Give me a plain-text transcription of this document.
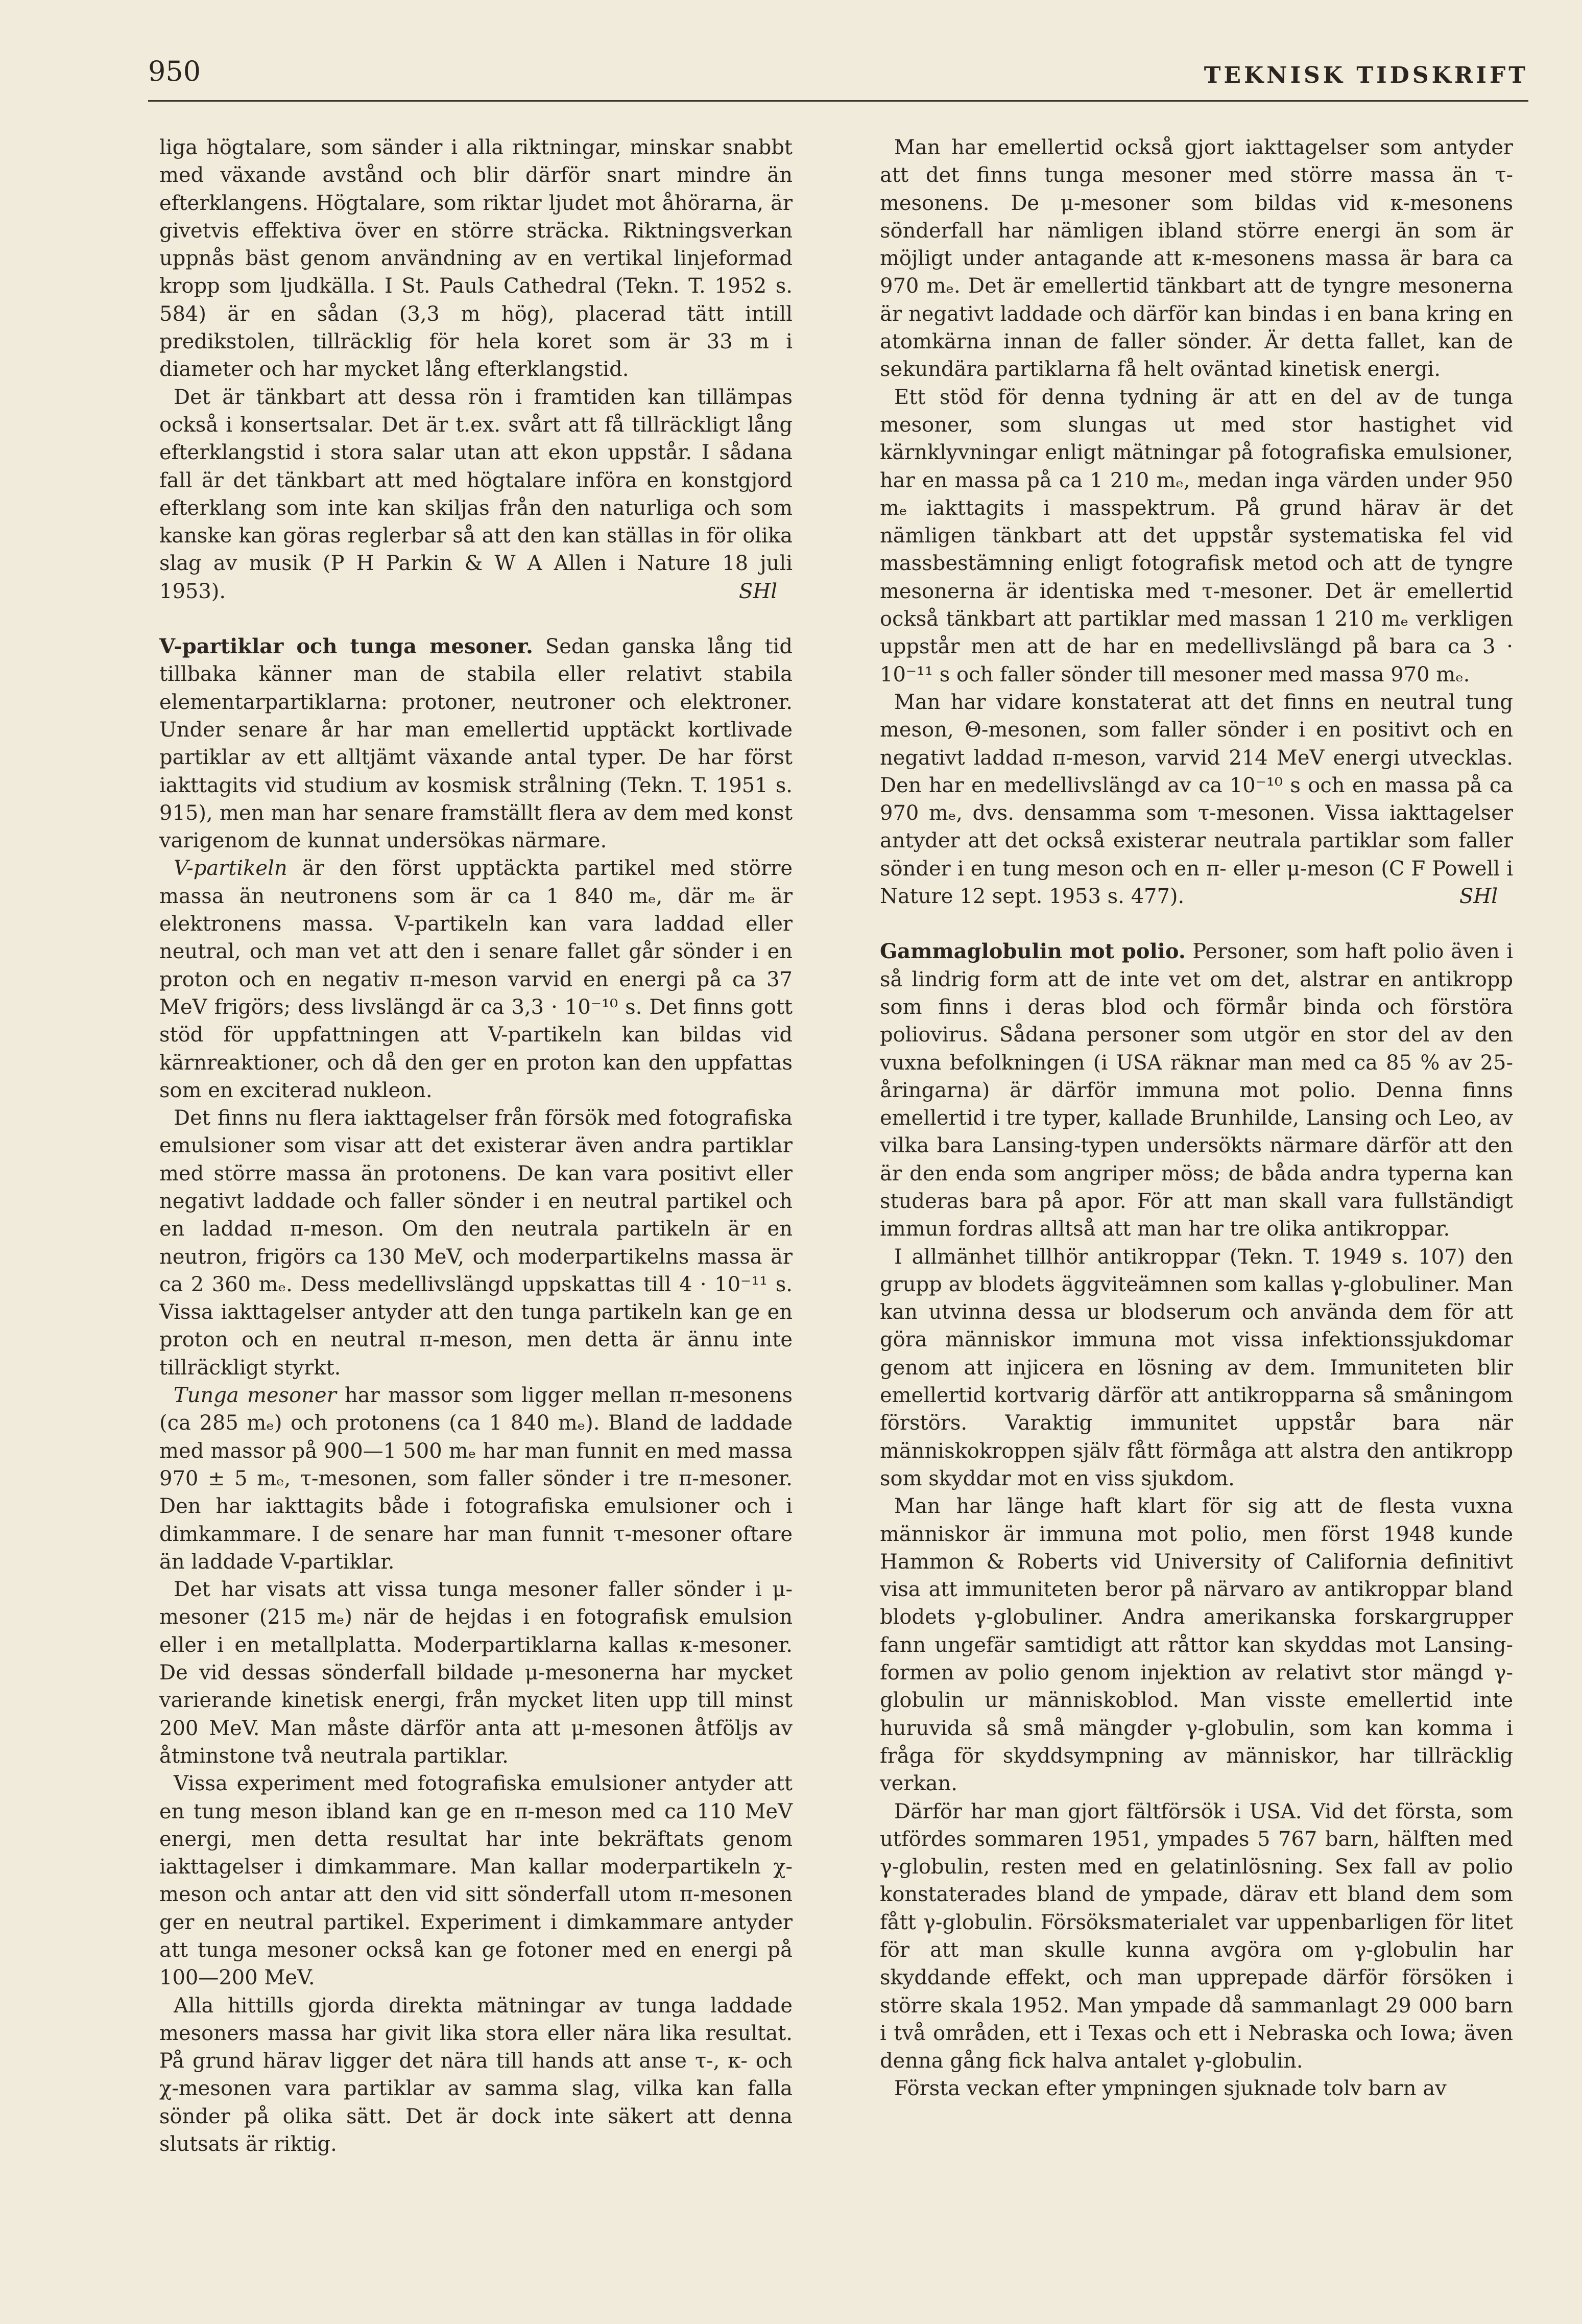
950	TEKNISK TIDSKRIFT

liga högtalare, som sänder i alla riktningar, minskar snabbt med växande avstånd och blir därför snart mindre än efterklangens. Högtalare, som riktar ljudet mot åhörarna, är givetvis effektiva över en större sträcka. Riktningsverkan uppnås bäst genom användning av en vertikal linjeformad kropp som ljudkälla. I St. Pauls Cathedral (Tekn. T. 1952 s. 584) är en sådan (3,3 m hög), placerad tätt intill predikstolen, tillräcklig för hela koret som är 33 m i diameter och har mycket lång efterklangstid.

Det är tänkbart att dessa rön i framtiden kan tillämpas också i konsertsalar. Det är t.ex. svårt att få tillräckligt lång efterklangstid i stora salar utan att ekon uppstår. I sådana fall är det tänkbart att med högtalare införa en konstgjord efterklang som inte kan skiljas från den naturliga och som kanske kan göras reglerbar så att den kan ställas in för olika slag av musik (P H Parkin & W A Allen i Nature 18 juli 1953).	SHl

V-partiklar och tunga mesoner. Sedan ganska lång tid tillbaka känner man de stabila eller relativt stabila elementarpartiklarna: protoner, neutroner och elektroner. Under senare år har man emellertid upptäckt kortlivade partiklar av ett alltjämt växande antal typer. De har först iakttagits vid studium av kosmisk strålning (Tekn. T. 1951 s. 915), men man har senare framställt flera av dem med konst varigenom de kunnat undersökas närmare.

V-partikeln är den först upptäckta partikel med större massa än neutronens som är ca 1 840 mₑ, där mₑ är elektronens massa. V-partikeln kan vara laddad eller neutral, och man vet att den i senare fallet går sönder i en proton och en negativ π-meson varvid en energi på ca 37 MeV frigörs; dess livslängd är ca 3,3 · 10⁻¹⁰ s. Det finns gott stöd för uppfattningen att V-partikeln kan bildas vid kärnreaktioner, och då den ger en proton kan den uppfattas som en exciterad nukleon.

Det finns nu flera iakttagelser från försök med fotografiska emulsioner som visar att det existerar även andra partiklar med större massa än protonens. De kan vara positivt eller negativt laddade och faller sönder i en neutral partikel och en laddad π-meson. Om den neutrala partikeln är en neutron, frigörs ca 130 MeV, och moderpartikelns massa är ca 2 360 mₑ. Dess medellivslängd uppskattas till 4 · 10⁻¹¹ s. Vissa iakttagelser antyder att den tunga partikeln kan ge en proton och en neutral π-meson, men detta är ännu inte tillräckligt styrkt.

Tunga mesoner har massor som ligger mellan π-mesonens (ca 285 mₑ) och protonens (ca 1 840 mₑ). Bland de laddade med massor på 900—1 500 mₑ har man funnit en med massa 970 ± 5 mₑ, τ-mesonen, som faller sönder i tre π-mesoner. Den har iakttagits både i fotografiska emulsioner och i dimkammare. I de senare har man funnit τ-mesoner oftare än laddade V-partiklar.

Det har visats att vissa tunga mesoner faller sönder i μ-mesoner (215 mₑ) när de hejdas i en fotografisk emulsion eller i en metallplatta. Moderpartiklarna kallas κ-mesoner. De vid dessas sönderfall bildade μ-mesonerna har mycket varierande kinetisk energi, från mycket liten upp till minst 200 MeV. Man måste därför anta att μ-mesonen åtföljs av åtminstone två neutrala partiklar.

Vissa experiment med fotografiska emulsioner antyder att en tung meson ibland kan ge en π-meson med ca 110 MeV energi, men detta resultat har inte bekräftats genom iakttagelser i dimkammare. Man kallar moderpartikeln χ-meson och antar att den vid sitt sönderfall utom π-mesonen ger en neutral partikel. Experiment i dimkammare antyder att tunga mesoner också kan ge fotoner med en energi på 100—200 MeV.

Alla hittills gjorda direkta mätningar av tunga laddade mesoners massa har givit lika stora eller nära lika resultat. På grund härav ligger det nära till hands att anse τ-, κ- och χ-mesonen vara partiklar av samma slag, vilka kan falla sönder på olika sätt. Det är dock inte säkert att denna slutsats är riktig.

Man har emellertid också gjort iakttagelser som antyder att det finns tunga mesoner med större massa än τ-mesonens. De μ-mesoner som bildas vid κ-mesonens sönderfall har nämligen ibland större energi än som är möjligt under antagande att κ-mesonens massa är bara ca 970 mₑ. Det är emellertid tänkbart att de tyngre mesonerna är negativt laddade och därför kan bindas i en bana kring en atomkärna innan de faller sönder. Är detta fallet, kan de sekundära partiklarna få helt oväntad kinetisk energi.

Ett stöd för denna tydning är att en del av de tunga mesoner, som slungas ut med stor hastighet vid kärnklyvningar enligt mätningar på fotografiska emulsioner, har en massa på ca 1 210 mₑ, medan inga värden under 950 mₑ iakttagits i masspektrum. På grund härav är det nämligen tänkbart att det uppstår systematiska fel vid massbestämning enligt fotografisk metod och att de tyngre mesonerna är identiska med τ-mesoner. Det är emellertid också tänkbart att partiklar med massan 1 210 mₑ verkligen uppstår men att de har en medellivslängd på bara ca 3 · 10⁻¹¹ s och faller sönder till mesoner med massa 970 mₑ.

Man har vidare konstaterat att det finns en neutral tung meson, Θ-mesonen, som faller sönder i en positivt och en negativt laddad π-meson, varvid 214 MeV energi utvecklas. Den har en medellivslängd av ca 10⁻¹⁰ s och en massa på ca 970 mₑ, dvs. densamma som τ-mesonen. Vissa iakttagelser antyder att det också existerar neutrala partiklar som faller sönder i en tung meson och en π- eller μ-meson (C F Powell i Nature 12 sept. 1953 s. 477).	SHl

Gammaglobulin mot polio. Personer, som haft polio även i så lindrig form att de inte vet om det, alstrar en antikropp som finns i deras blod och förmår binda och förstöra poliovirus. Sådana personer som utgör en stor del av den vuxna befolkningen (i USA räknar man med ca 85 % av 25-åringarna) är därför immuna mot polio. Denna finns emellertid i tre typer, kallade Brunhilde, Lansing och Leo, av vilka bara Lansing-typen undersökts närmare därför att den är den enda som angriper möss; de båda andra typerna kan studeras bara på apor. För att man skall vara fullständigt immun fordras alltså att man har tre olika antikroppar.

I allmänhet tillhör antikroppar (Tekn. T. 1949 s. 107) den grupp av blodets äggviteämnen som kallas γ-globuliner. Man kan utvinna dessa ur blodserum och använda dem för att göra människor immuna mot vissa infektionssjukdomar genom att injicera en lösning av dem. Immuniteten blir emellertid kortvarig därför att antikropparna så småningom förstörs. Varaktig immunitet uppstår bara när människokroppen själv fått förmåga att alstra den antikropp som skyddar mot en viss sjukdom.

Man har länge haft klart för sig att de flesta vuxna människor är immuna mot polio, men först 1948 kunde Hammon & Roberts vid University of California definitivt visa att immuniteten beror på närvaro av antikroppar bland blodets γ-globuliner. Andra amerikanska forskargrupper fann ungefär samtidigt att råttor kan skyddas mot Lansing-formen av polio genom injektion av relativt stor mängd γ-globulin ur människoblod. Man visste emellertid inte huruvida så små mängder γ-globulin, som kan komma i fråga för skyddsympning av människor, har tillräcklig verkan.

Därför har man gjort fältförsök i USA. Vid det första, som utfördes sommaren 1951, ympades 5 767 barn, hälften med γ-globulin, resten med en gelatinlösning. Sex fall av polio konstaterades bland de ympade, därav ett bland dem som fått γ-globulin. Försöksmaterialet var uppenbarligen för litet för att man skulle kunna avgöra om γ-globulin har skyddande effekt, och man upprepade därför försöken i större skala 1952. Man ympade då sammanlagt 29 000 barn i två områden, ett i Texas och ett i Nebraska och Iowa; även denna gång fick halva antalet γ-globulin.

Första veckan efter ympningen sjuknade tolv barn av
